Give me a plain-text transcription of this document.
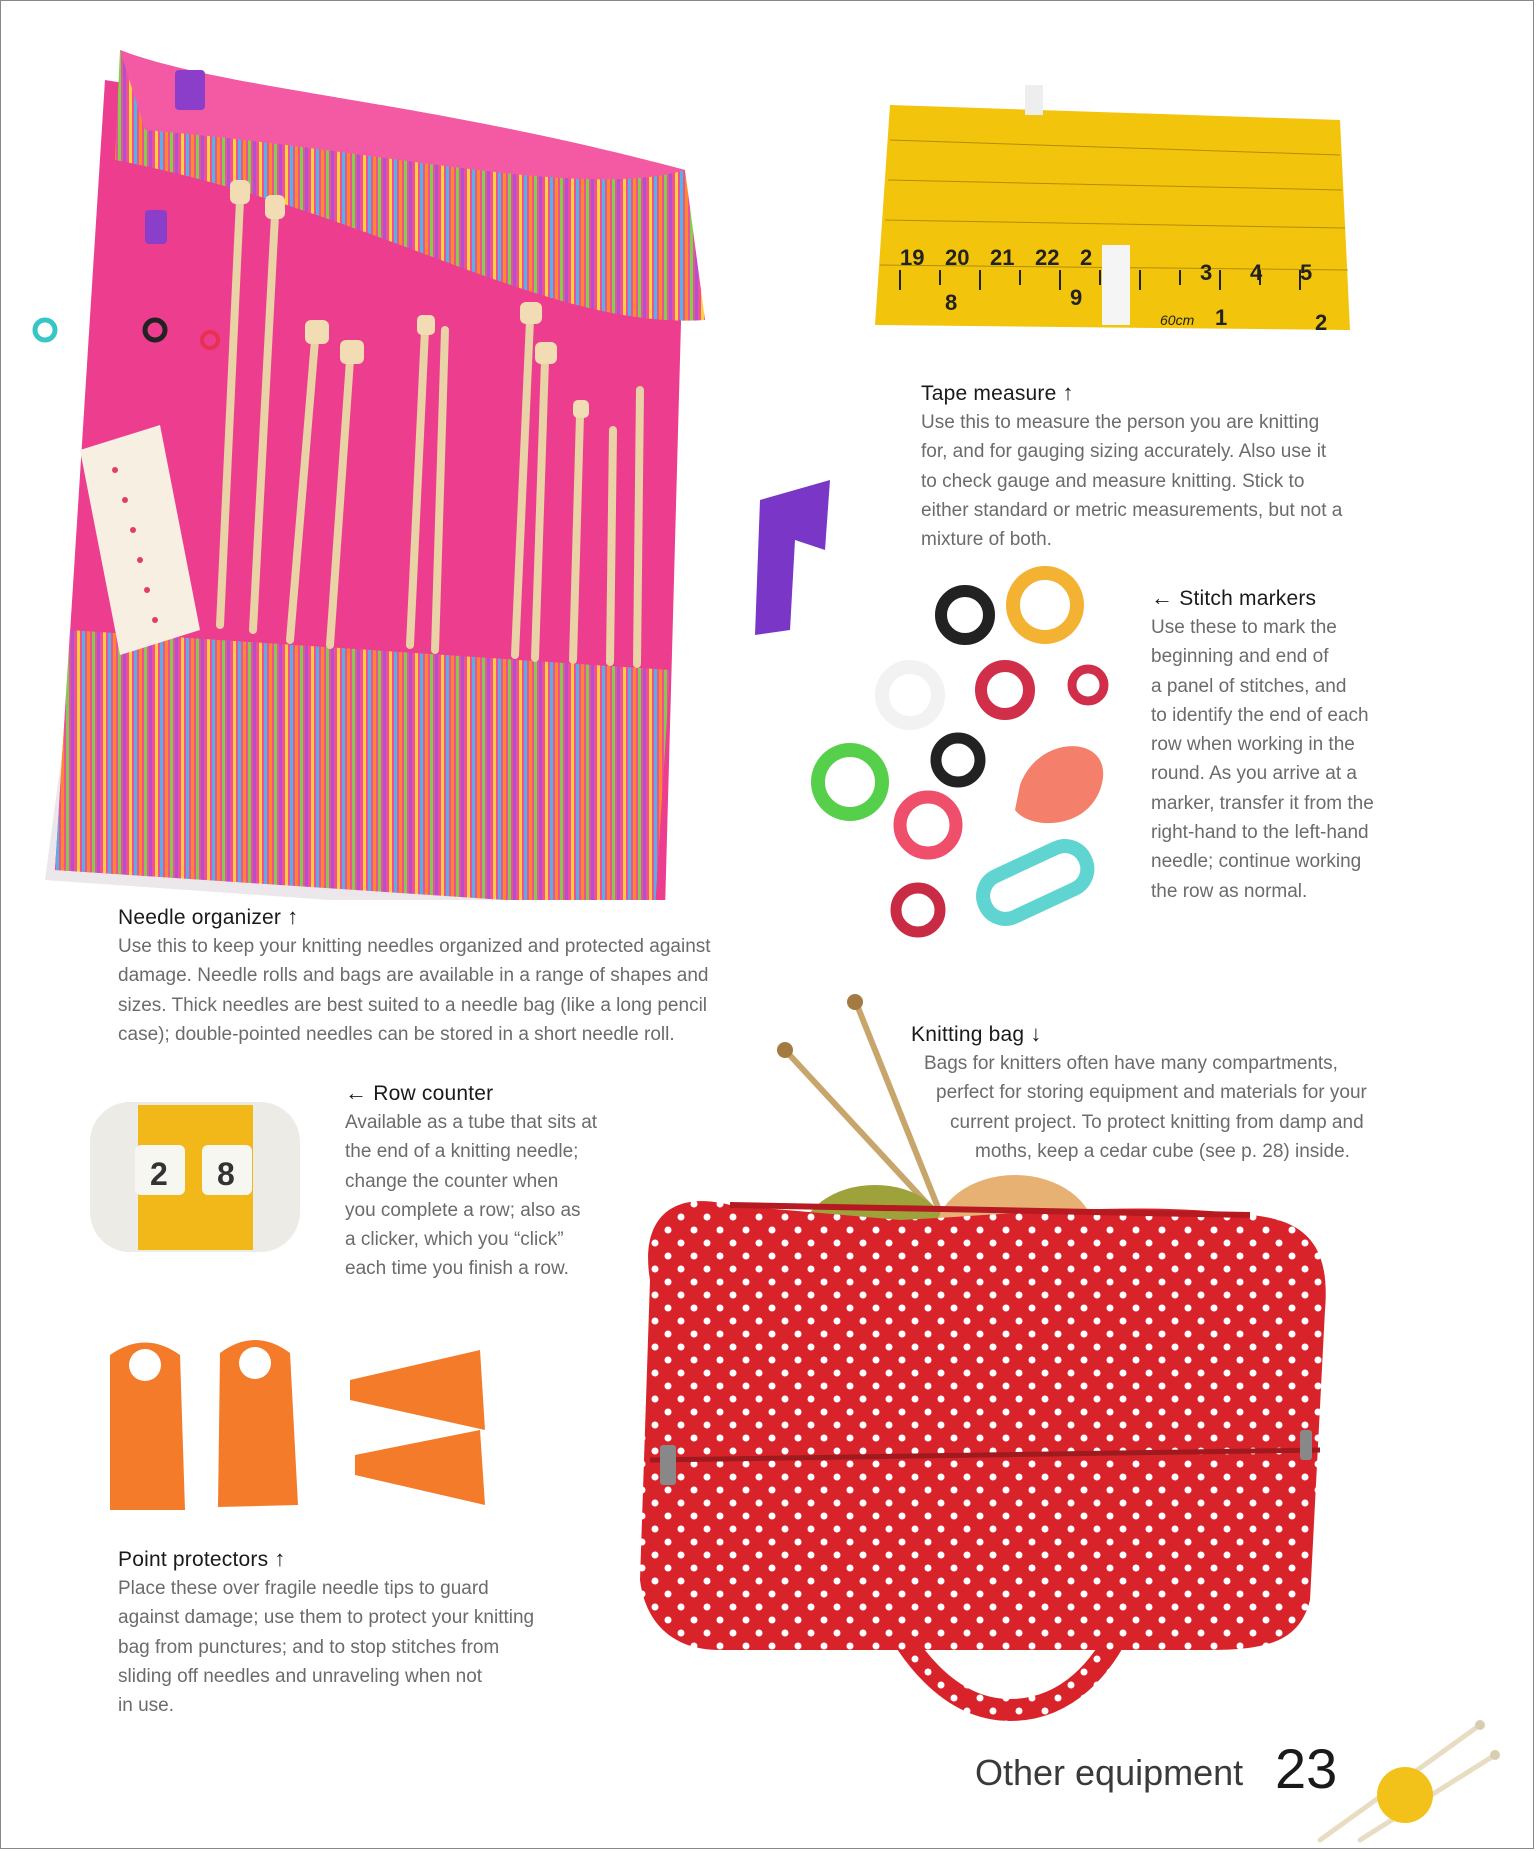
19 20 21 22 2
3 4 5
8	9
1	2
60cm
2 8
Tape measure ↑

Use this to measure the person you are knitting
for, and for gauging sizing accurately. Also use it
to check gauge and measure knitting. Stick to
either standard or metric measurements, but not a
mixture of both.

← Stitch markers

Use these to mark the
beginning and end of
a panel of stitches, and
to identify the end of each
row when working in the
round. As you arrive at a
marker, transfer it from the
right-hand to the left-hand
needle; continue working
the row as normal.

Needle organizer ↑

Use this to keep your knitting needles organized and protected against
damage. Needle rolls and bags are available in a range of shapes and
sizes. Thick needles are best suited to a needle bag (like a long pencil
case); double-pointed needles can be stored in a short needle roll.	Knitting bag ↓

Bags for knitters often have many compartments,
perfect for storing equipment and materials for your
current project. To protect knitting from damp and
moths, keep a cedar cube (see p. 28) inside.

← Row counter

Available as a tube that sits at
the end of a knitting needle;
change the counter when
you complete a row; also as
a clicker, which you “click”
each time you finish a row.

Point protectors ↑

Place these over fragile needle tips to guard
against damage; use them to protect your knitting
bag from punctures; and to stop stitches from
sliding off needles and unraveling when not
in use.

Other equipment 23
